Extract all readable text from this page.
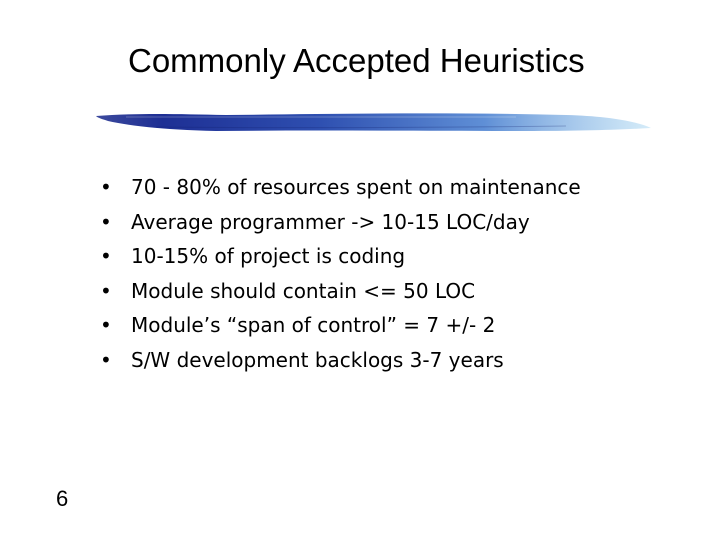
Commonly Accepted Heuristics
• 70 - 80% of resources spent on maintenance
• Average programmer -> 10-15 LOC/day
• 10-15% of project is coding
• Module should contain <= 50 LOC
• Module’s “span of control” = 7 +/- 2
• S/W development backlogs 3-7 years
6
